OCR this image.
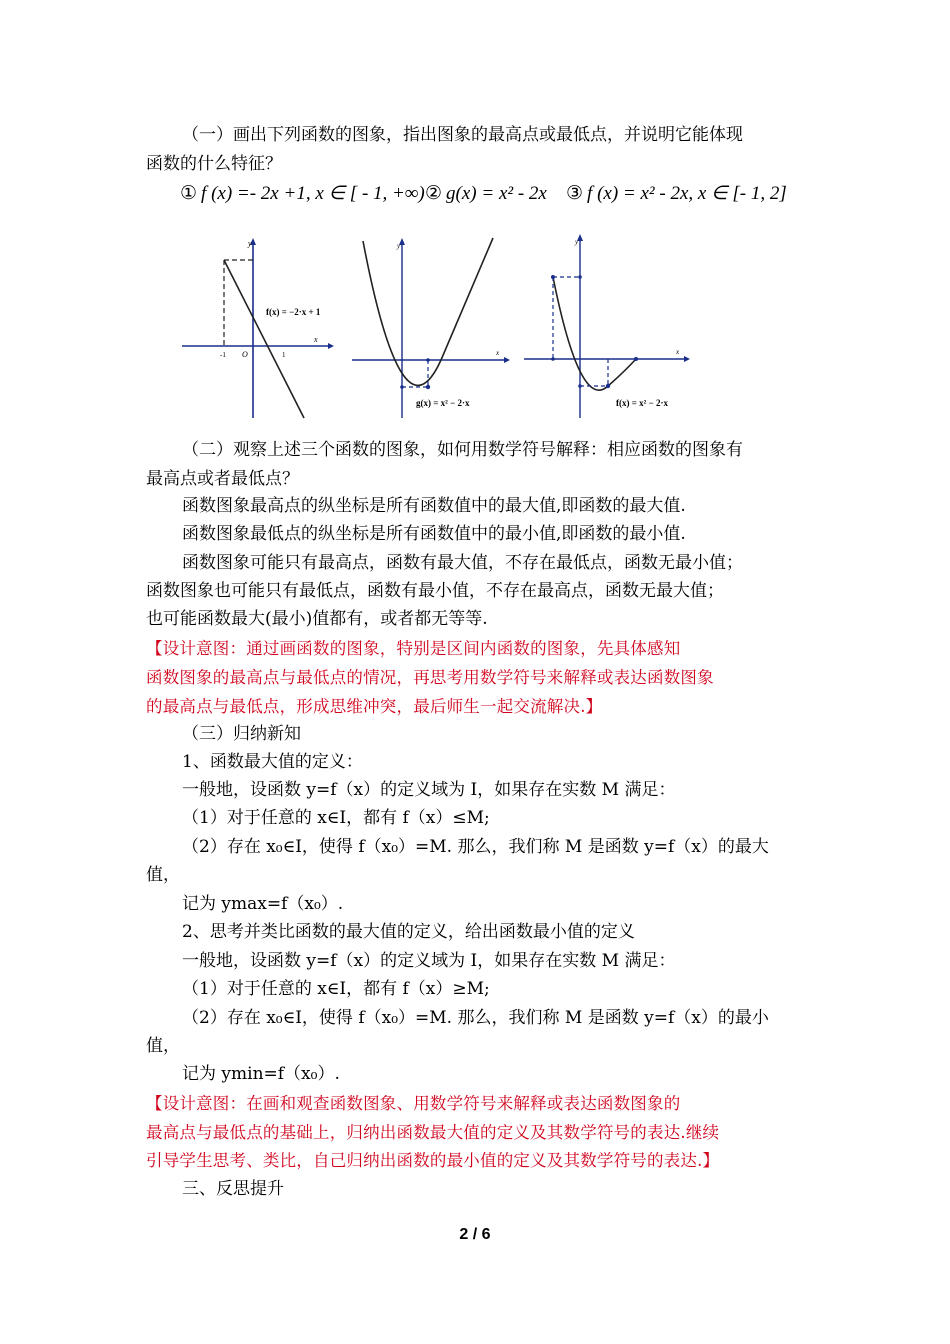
（一）画出下列函数的图象，指出图象的最高点或最低点，并说明它能体现
函数的什么特征？
① f (x) =- 2x +1, x ∈ [ - 1, +∞) ② g(x) = x² - 2x ③ f (x) = x² - 2x, x ∈ [- 1, 2]
y
x
O
-1	1
f(x) = −2·x + 1
y
x
g(x) = x² − 2·x
y
x
f(x) = x² − 2·x
（二）观察上述三个函数的图象，如何用数学符号解释：相应函数的图象有
最高点或者最低点？
函数图象最高点的纵坐标是所有函数值中的最大值,即函数的最大值.
函数图象最低点的纵坐标是所有函数值中的最小值,即函数的最小值.
函数图象可能只有最高点，函数有最大值，不存在最低点，函数无最小值；
函数图象也可能只有最低点，函数有最小值，不存在最高点，函数无最大值；
也可能函数最大(最小)值都有，或者都无等等.
【设计意图：通过画函数的图象，特别是区间内函数的图象，先具体感知
函数图象的最高点与最低点的情况，再思考用数学符号来解释或表达函数图象
的最高点与最低点，形成思维冲突，最后师生一起交流解决.】
（三）归纳新知
1、函数最大值的定义：
一般地，设函数 y=f（x）的定义域为 I，如果存在实数 M 满足：
（1）对于任意的 x∈I，都有 f（x）≤M;
（2）存在 x₀∈I，使得 f（x₀）=M. 那么，我们称 M 是函数 y=f（x）的最大
值，
记为 ymax=f（x₀）.
2、思考并类比函数的最大值的定义，给出函数最小值的定义
一般地，设函数 y=f（x）的定义域为 I，如果存在实数 M 满足：
（1）对于任意的 x∈I，都有 f（x）≥M;
（2）存在 x₀∈I，使得 f（x₀）=M. 那么，我们称 M 是函数 y=f（x）的最小
值，
记为 ymin=f（x₀）.
【设计意图：在画和观查函数图象、用数学符号来解释或表达函数图象的
最高点与最低点的基础上，归纳出函数最大值的定义及其数学符号的表达.继续
引导学生思考、类比，自己归纳出函数的最小值的定义及其数学符号的表达.】
三、反思提升
2 / 6
